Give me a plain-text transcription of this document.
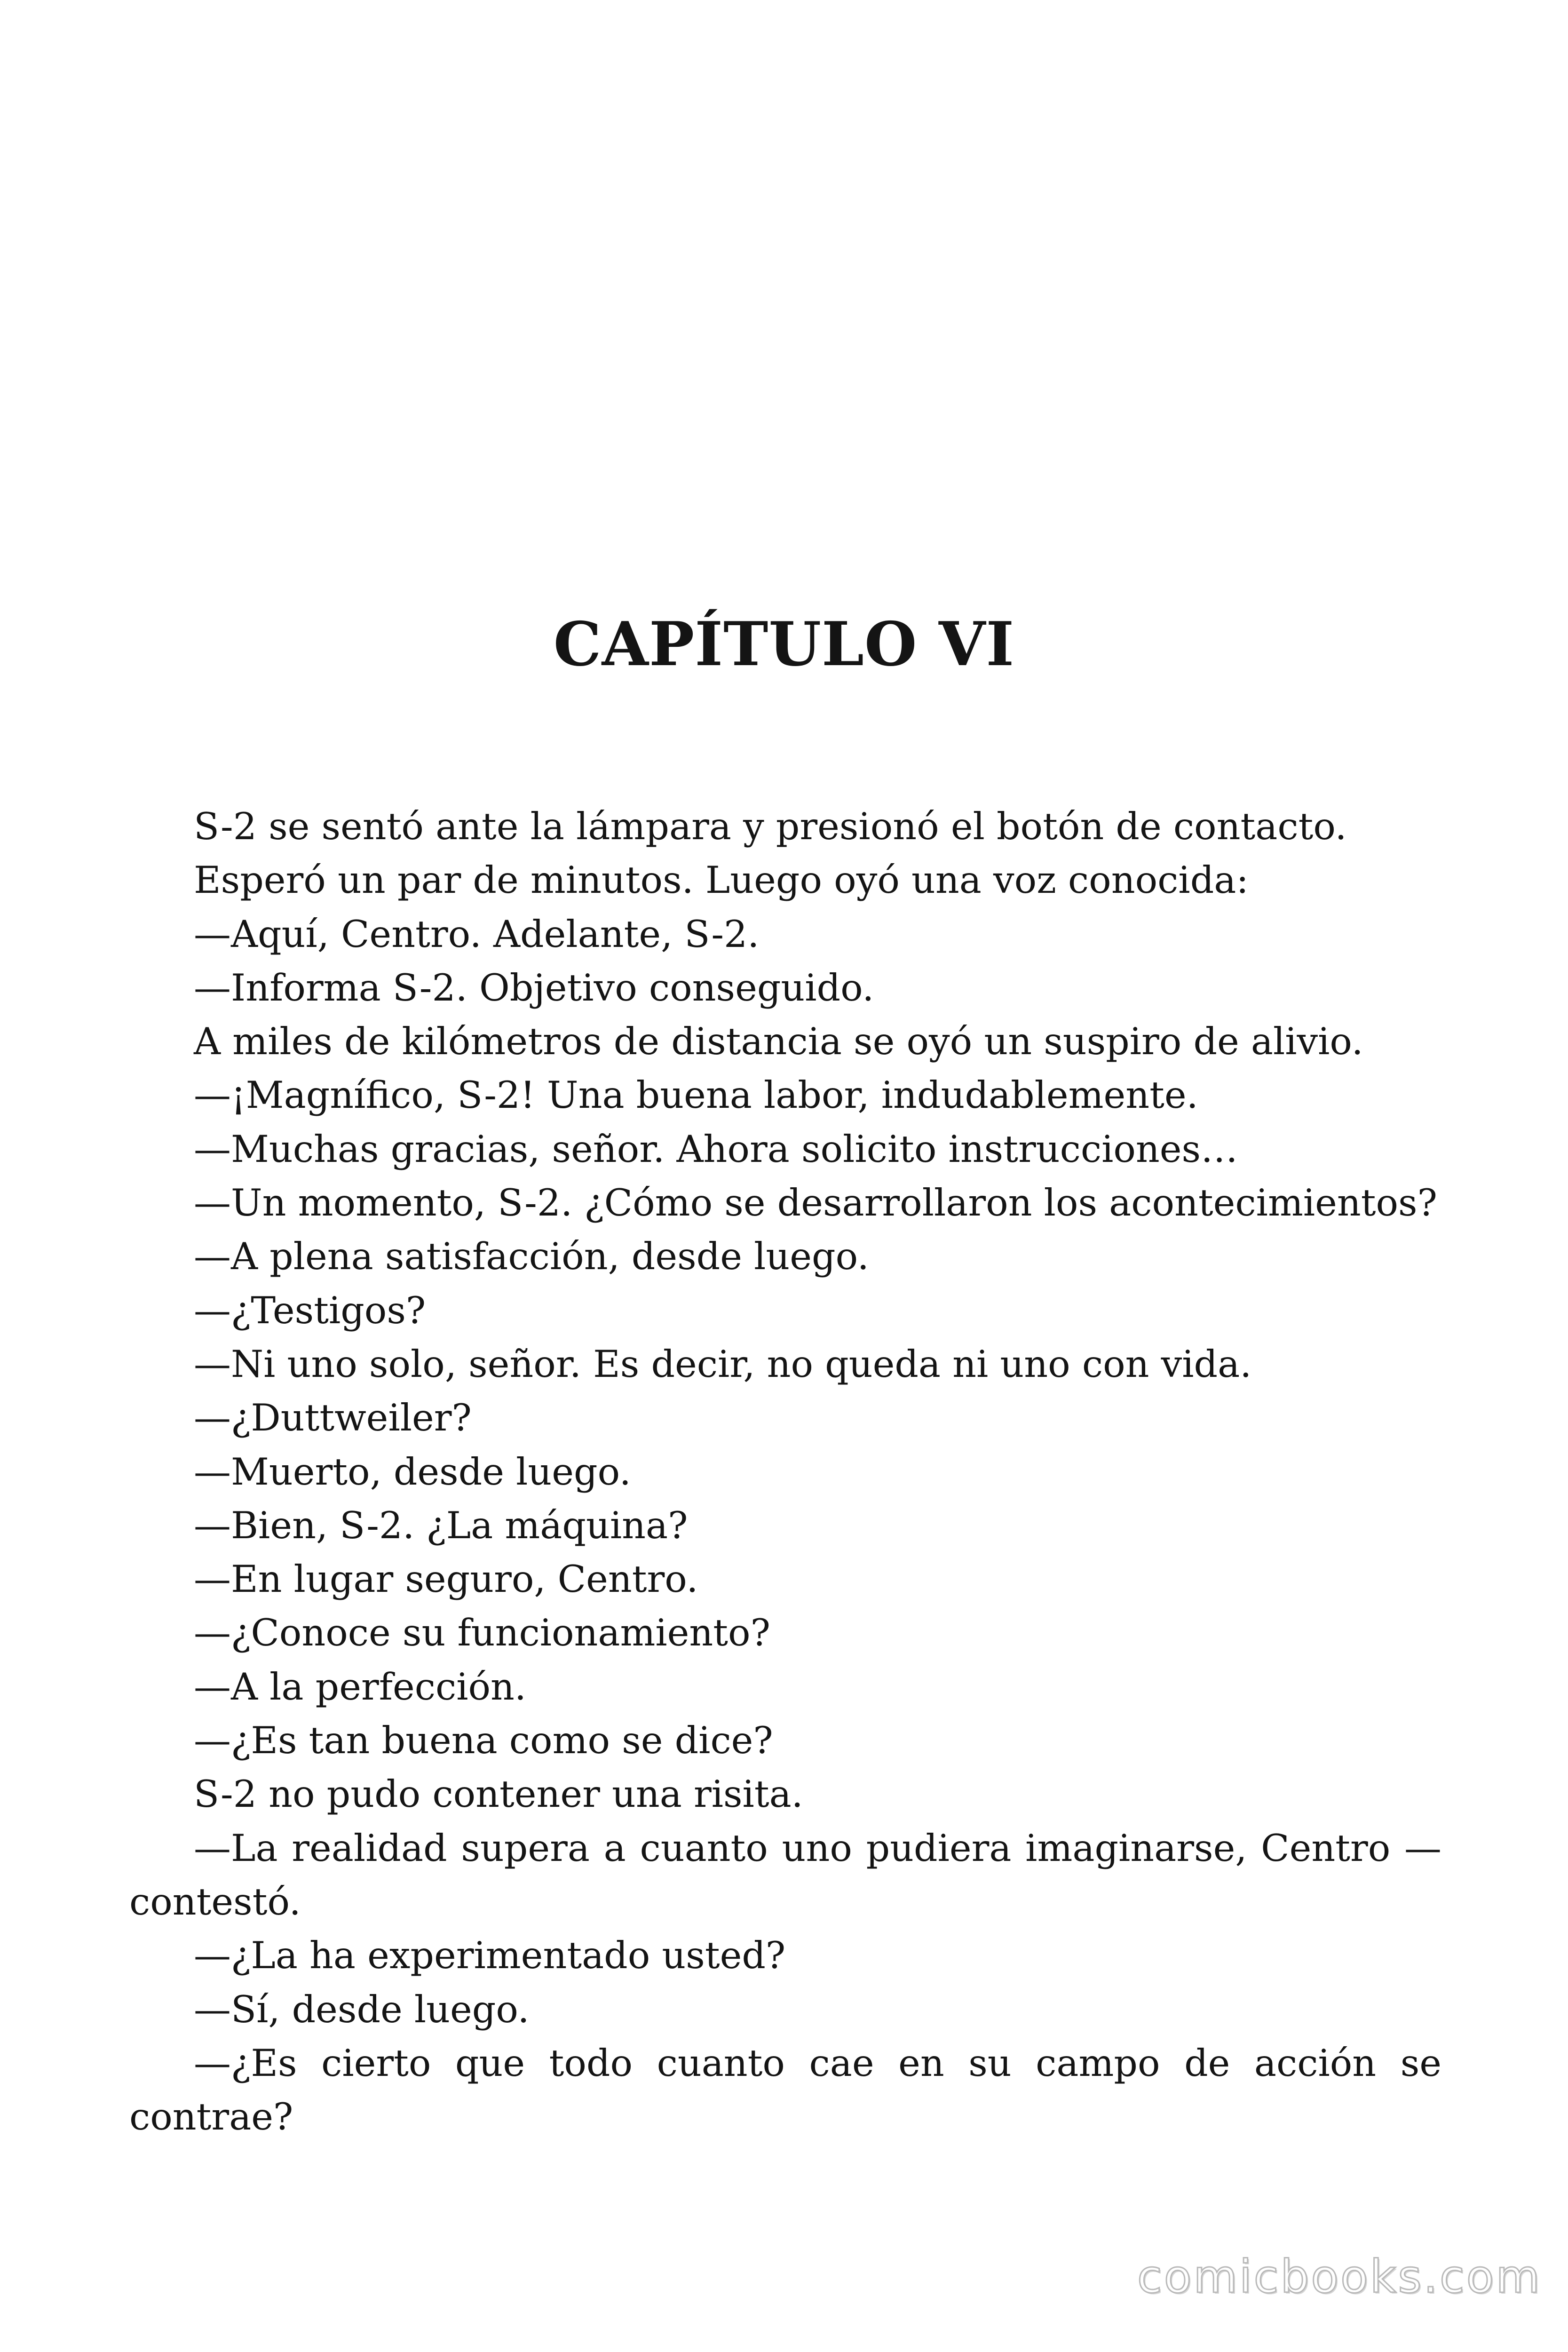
CAPÍTULO VI

S-2 se sentó ante la lámpara y presionó el botón de contacto.

Esperó un par de minutos. Luego oyó una voz conocida:

—Aquí, Centro. Adelante, S-2.

—Informa S-2. Objetivo conseguido.

A miles de kilómetros de distancia se oyó un suspiro de alivio.

—¡Magnífico, S-2! Una buena labor, indudablemente.

—Muchas gracias, señor. Ahora solicito instrucciones…

—Un momento, S-2. ¿Cómo se desarrollaron los acontecimientos?

—A plena satisfacción, desde luego.

—¿Testigos?

—Ni uno solo, señor. Es decir, no queda ni uno con vida.

—¿Duttweiler?

—Muerto, desde luego.

—Bien, S-2. ¿La máquina?

—En lugar seguro, Centro.

—¿Conoce su funcionamiento?

—A la perfección.

—¿Es tan buena como se dice?

S-2 no pudo contener una risita.

—La realidad supera a cuanto uno pudiera imaginarse, Centro —contestó.

—¿La ha experimentado usted?

—Sí, desde luego.

—¿Es cierto que todo cuanto cae en su campo de acción se contrae?

comicbooks.com
